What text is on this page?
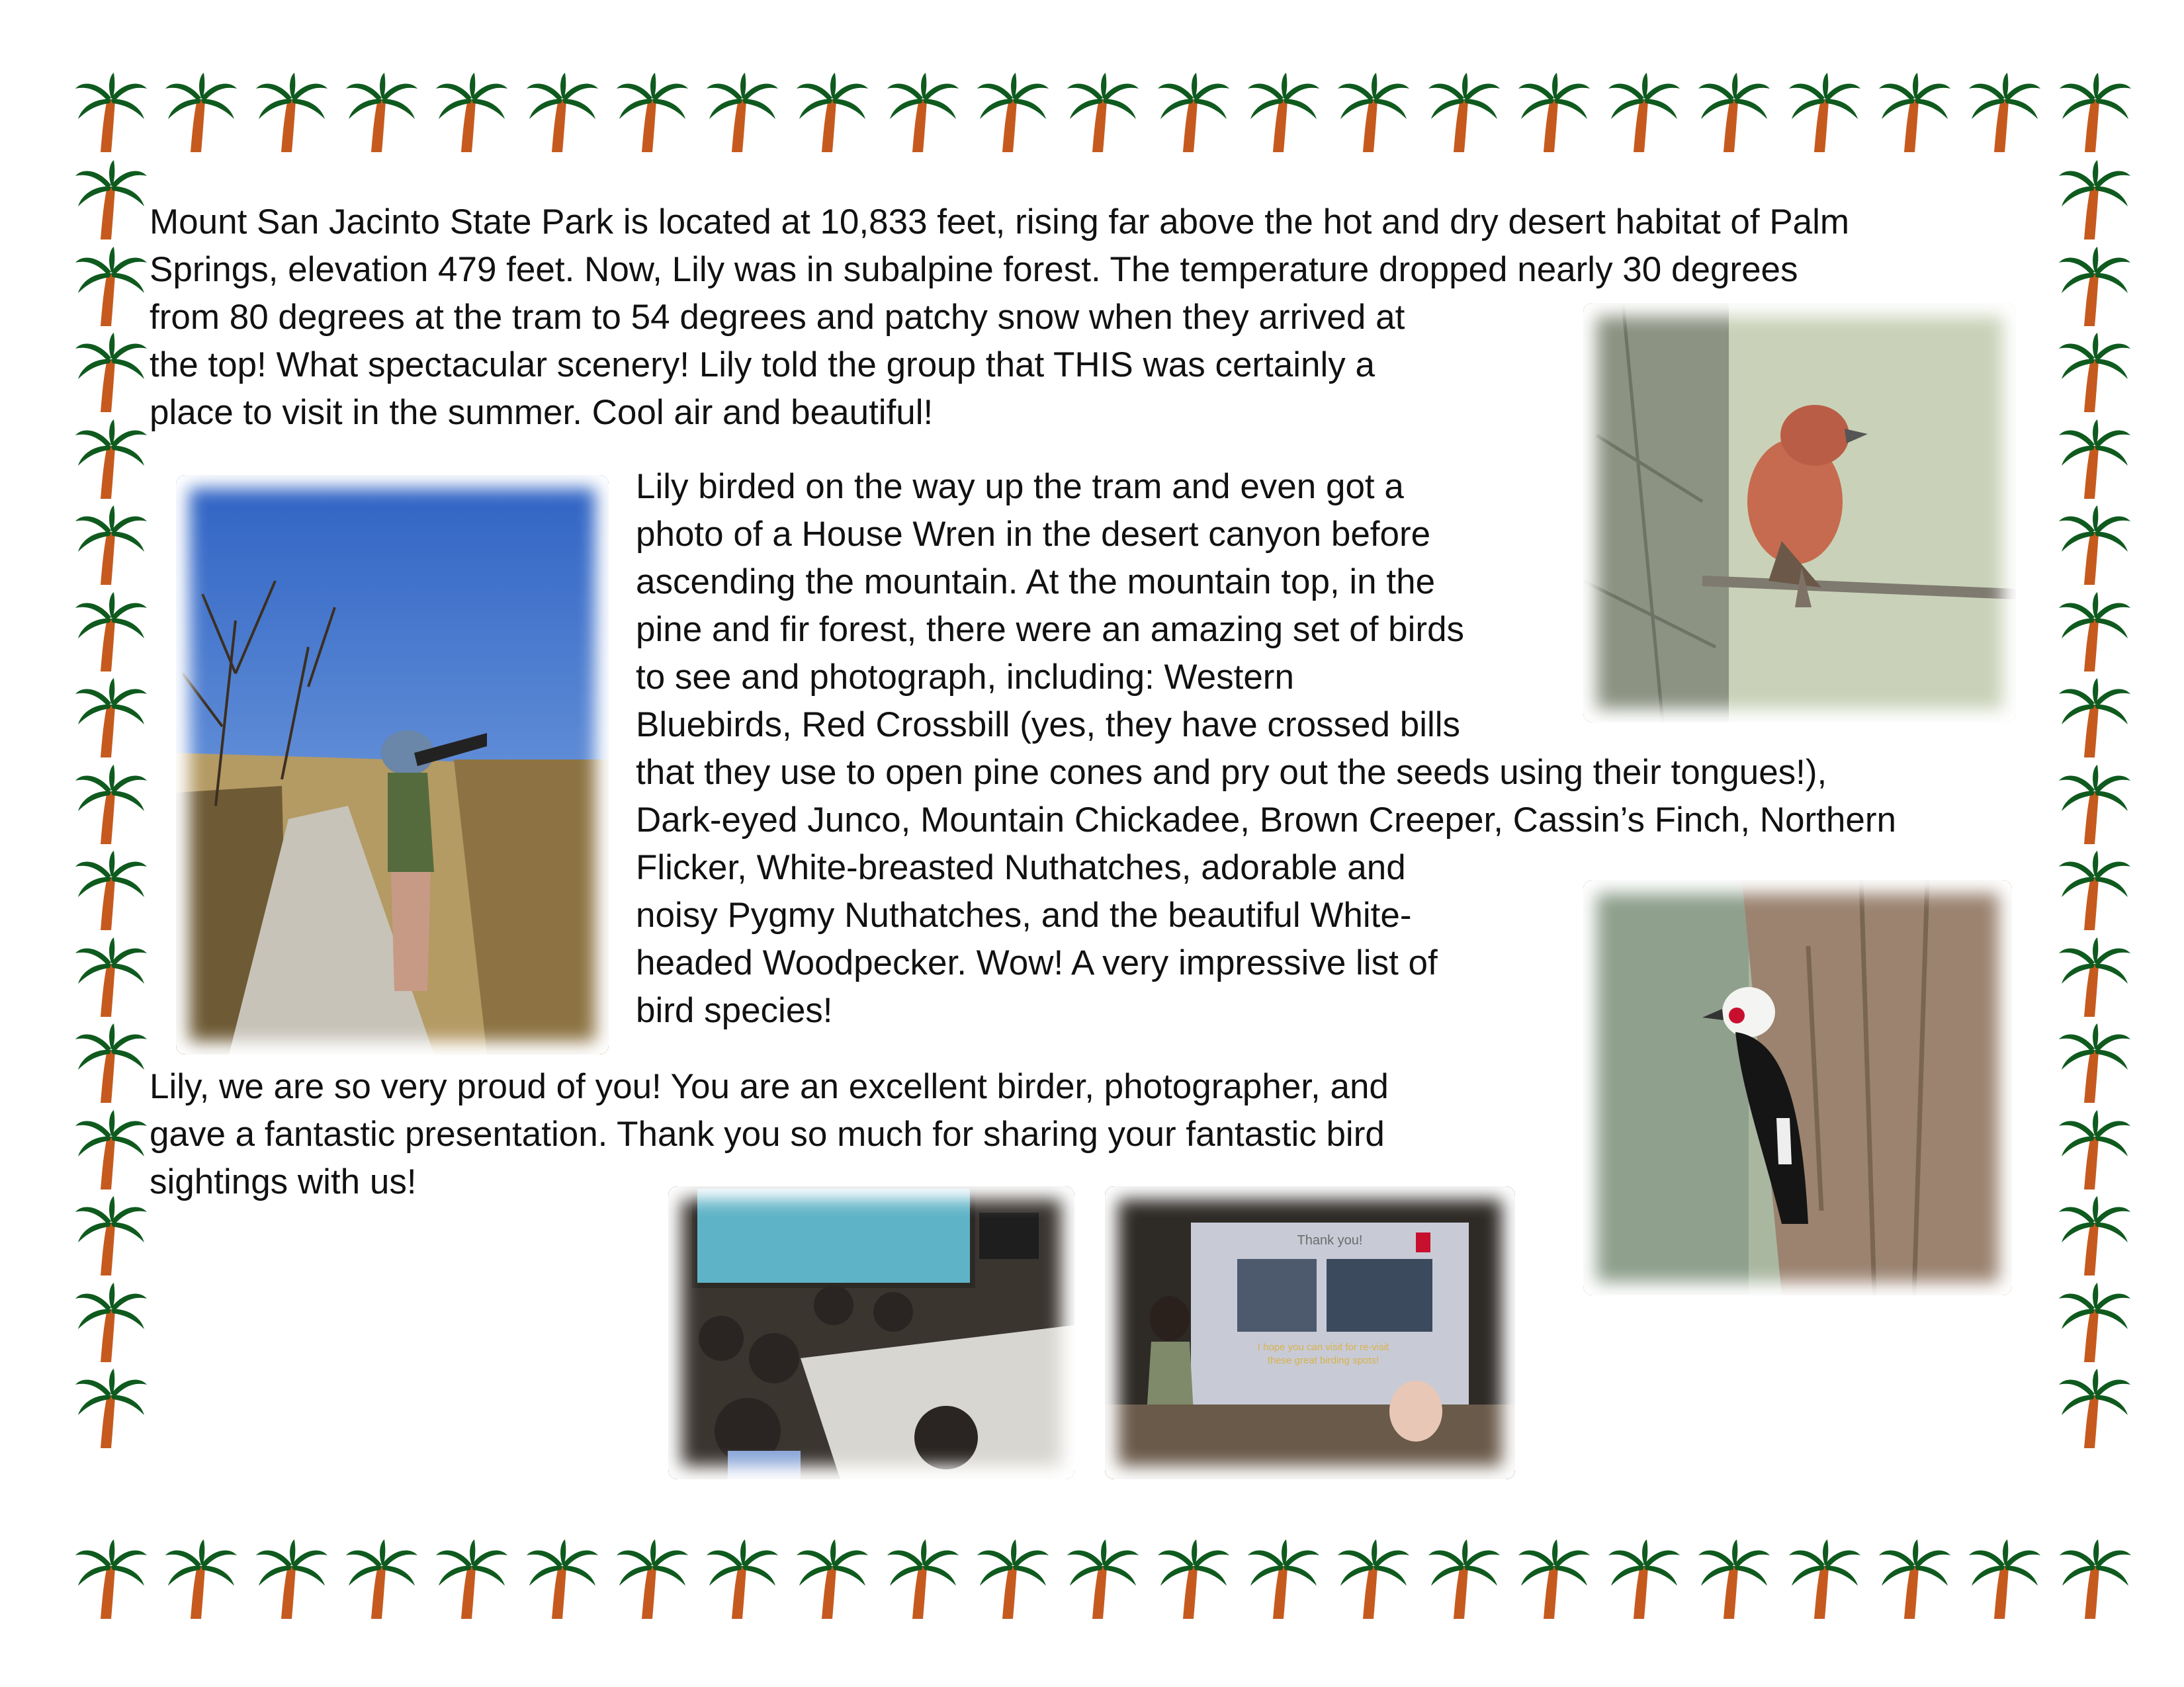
Mount San Jacinto State Park is located at 10,833 feet, rising far above the hot and dry desert habitat of Palm
Springs, elevation 479 feet. Now, Lily was in subalpine forest. The temperature dropped nearly 30 degrees
from 80 degrees at the tram to 54 degrees and patchy snow when they arrived at
the top! What spectacular scenery! Lily told the group that THIS was certainly a
place to visit in the summer. Cool air and beautiful!
Lily birded on the way up the tram and even got a
photo of a House Wren in the desert canyon before
ascending the mountain. At the mountain top, in the
pine and fir forest, there were an amazing set of birds
to see and photograph, including: Western
Bluebirds, Red Crossbill (yes, they have crossed bills
that they use to open pine cones and pry out the seeds using their tongues!),
Dark-eyed Junco, Mountain Chickadee, Brown Creeper, Cassin’s Finch, Northern
Flicker, White-breasted Nuthatches, adorable and
noisy Pygmy Nuthatches, and the beautiful White-
headed Woodpecker. Wow! A very impressive list of
bird species!
Lily, we are so very proud of you! You are an excellent birder, photographer, and
gave a fantastic presentation. Thank you so much for sharing your fantastic bird
sightings with us!
Thank you!
I hope you can visit for re-visit
these great birding spots!
